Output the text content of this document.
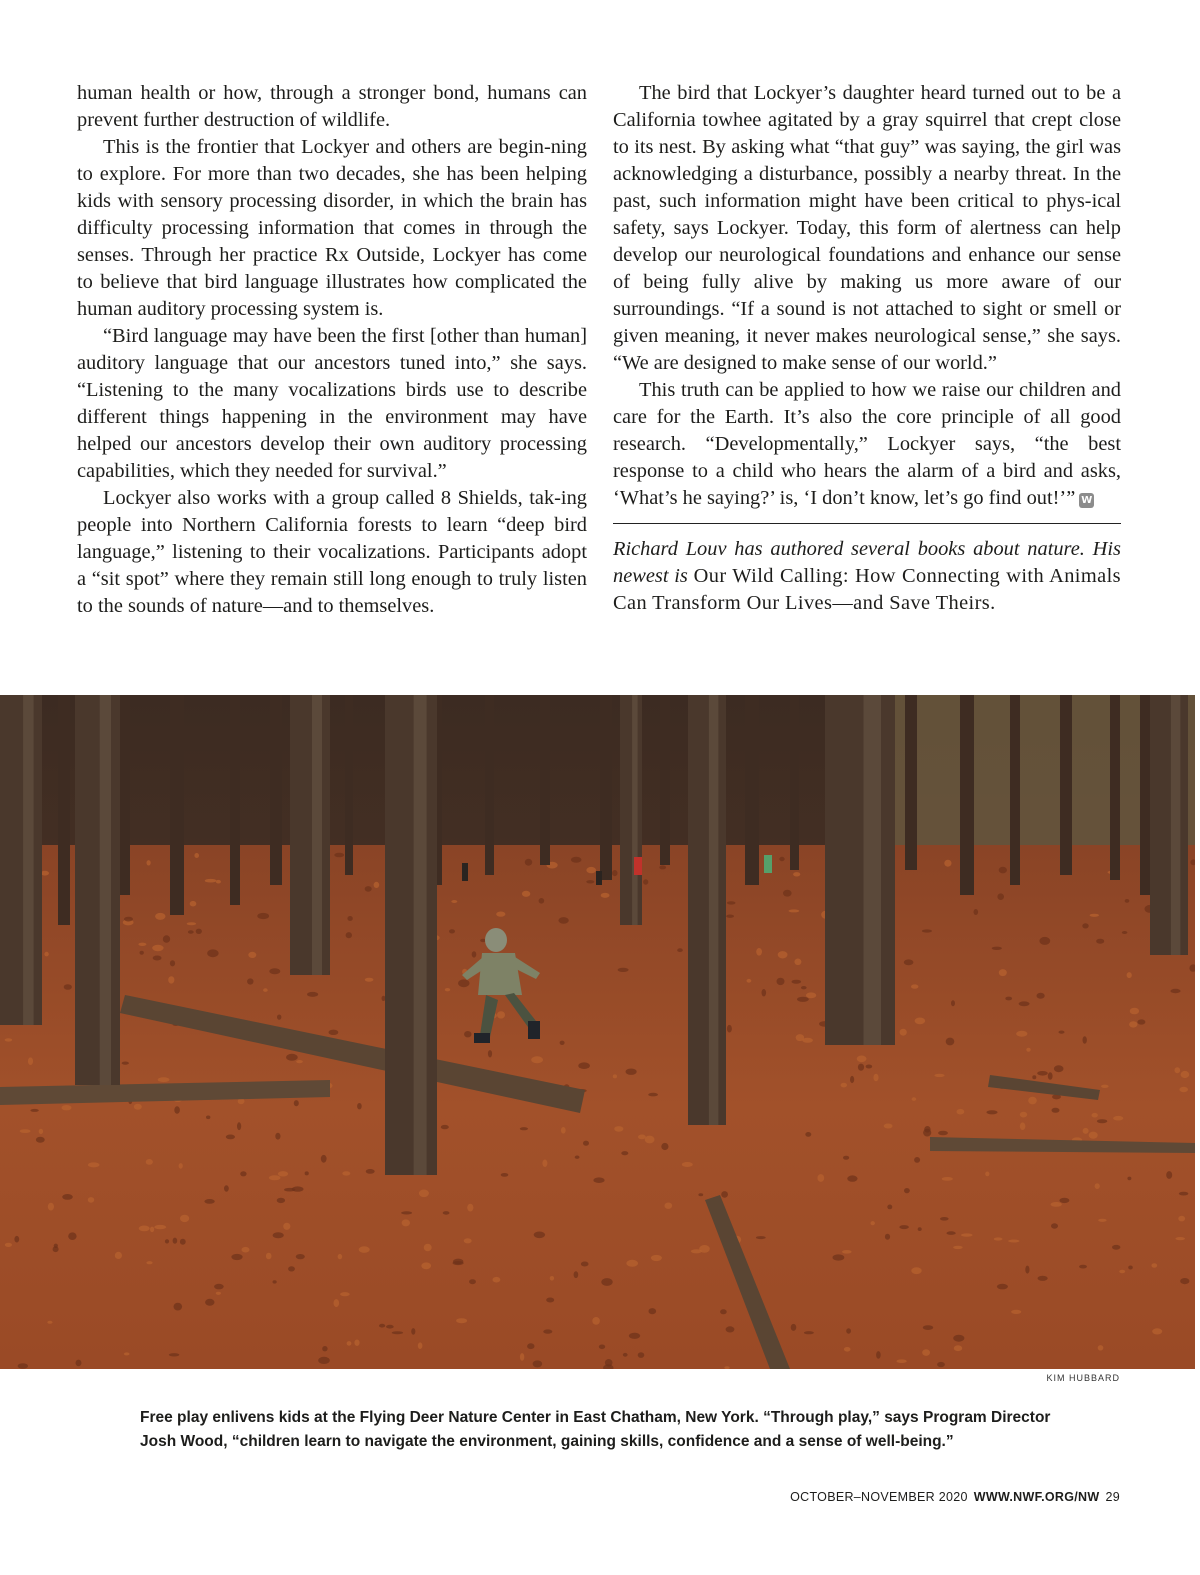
human health or how, through a stronger bond, humans can prevent further destruction of wildlife.

This is the frontier that Lockyer and others are begin-ning to explore. For more than two decades, she has been helping kids with sensory processing disorder, in which the brain has difficulty processing information that comes in through the senses. Through her practice Rx Outside, Lockyer has come to believe that bird language illustrates how complicated the human auditory processing system is.

“Bird language may have been the first [other than human] auditory language that our ancestors tuned into,” she says. “Listening to the many vocalizations birds use to describe different things happening in the environment may have helped our ancestors develop their own auditory processing capabilities, which they needed for survival.”

Lockyer also works with a group called 8 Shields, tak-ing people into Northern California forests to learn “deep bird language,” listening to their vocalizations. Participants adopt a “sit spot” where they remain still long enough to truly listen to the sounds of nature—and to themselves.

The bird that Lockyer’s daughter heard turned out to be a California towhee agitated by a gray squirrel that crept close to its nest. By asking what “that guy” was saying, the girl was acknowledging a disturbance, possibly a nearby threat. In the past, such information might have been critical to phys-ical safety, says Lockyer. Today, this form of alertness can help develop our neurological foundations and enhance our sense of being fully alive by making us more aware of our surroundings. “If a sound is not attached to sight or smell or given meaning, it never makes neurological sense,” she says. “We are designed to make sense of our world.”

This truth can be applied to how we raise our children and care for the Earth. It’s also the core principle of all good research. “Developmentally,” Lockyer says, “the best response to a child who hears the alarm of a bird and asks, ‘What’s he saying?’ is, ‘I don’t know, let’s go find out!’” W

Richard Louv has authored several books about nature. His newest is Our Wild Calling: How Connecting with Animals Can Transform Our Lives—and Save Theirs.

KIM HUBBARD
Free play enlivens kids at the Flying Deer Nature Center in East Chatham, New York. “Through play,” says Program Director Josh Wood, “children learn to navigate the environment, gaining skills, confidence and a sense of well-being.”
OCTOBER–NOVEMBER 2020 WWW.NWF.ORG/NW 29
